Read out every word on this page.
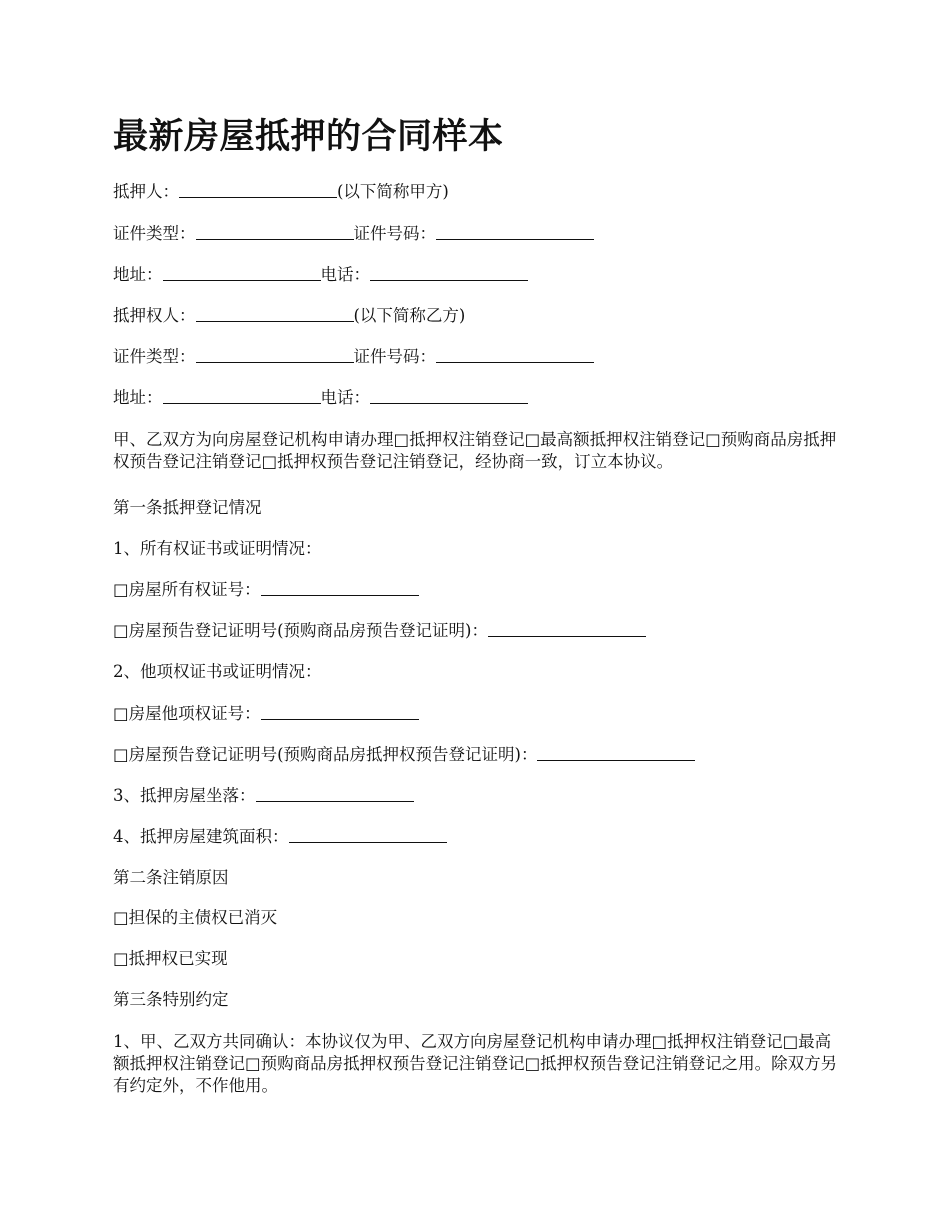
最新房屋抵押的合同样本

抵押人：	(以下简称甲方)

证件类型：	证件号码：

地址：	电话：

抵押权人：	(以下简称乙方)

证件类型：	证件号码：

地址：	电话：

甲、乙双方为向房屋登记机构申请办理□抵押权注销登记□最高额抵押权注销登记□预购商品房抵押权预告登记注销登记□抵押权预告登记注销登记，经协商一致，订立本协议。

第一条抵押登记情况

1、所有权证书或证明情况：

□房屋所有权证号：

□房屋预告登记证明号(预购商品房预告登记证明)：

2、他项权证书或证明情况：

□房屋他项权证号：

□房屋预告登记证明号(预购商品房抵押权预告登记证明)：

3、抵押房屋坐落：

4、抵押房屋建筑面积：

第二条注销原因

□担保的主债权已消灭

□抵押权已实现

第三条特别约定

1、甲、乙双方共同确认：本协议仅为甲、乙双方向房屋登记机构申请办理□抵押权注销登记□最高额抵押权注销登记□预购商品房抵押权预告登记注销登记□抵押权预告登记注销登记之用。除双方另有约定外，不作他用。
